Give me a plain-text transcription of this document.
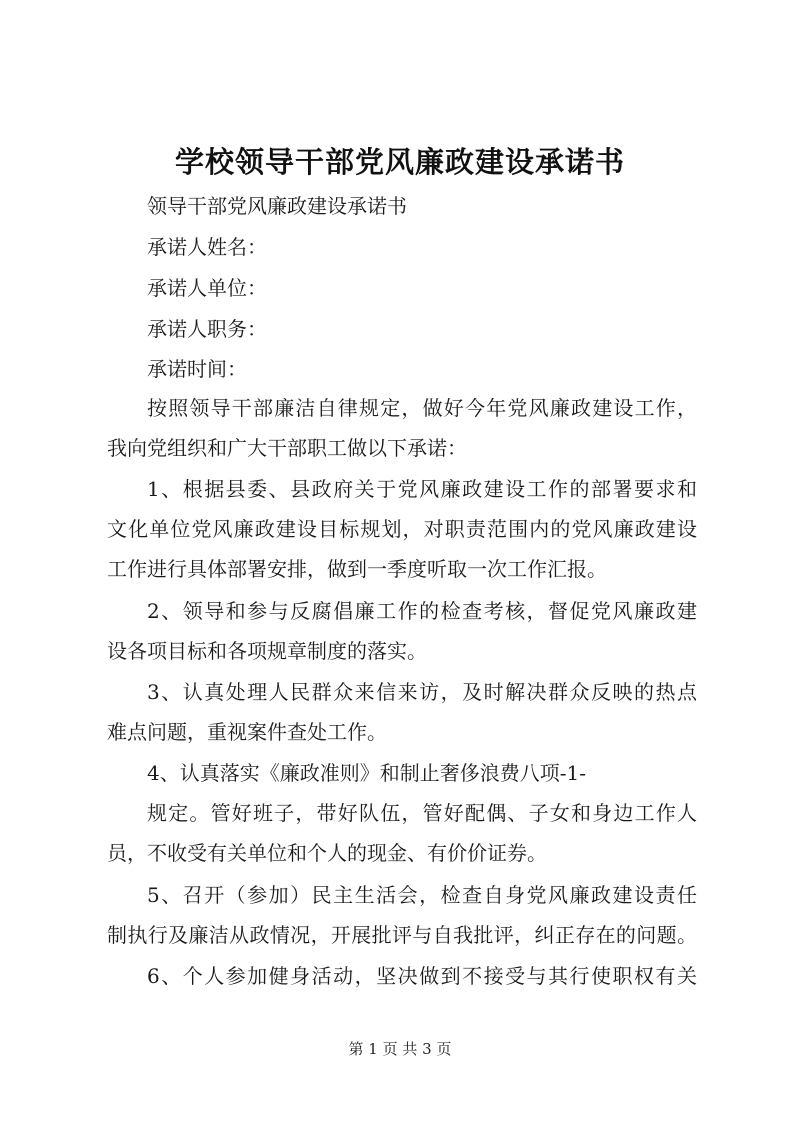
学校领导干部党风廉政建设承诺书
领导干部党风廉政建设承诺书
承诺人姓名：
承诺人单位：
承诺人职务：
承诺时间：
按照领导干部廉洁自律规定，做好今年党风廉政建设工作，
我向党组织和广大干部职工做以下承诺：
1、根据县委、县政府关于党风廉政建设工作的部署要求和
文化单位党风廉政建设目标规划，对职责范围内的党风廉政建设
工作进行具体部署安排，做到一季度听取一次工作汇报。
2、领导和参与反腐倡廉工作的检查考核，督促党风廉政建
设各项目标和各项规章制度的落实。
3、认真处理人民群众来信来访，及时解决群众反映的热点
难点问题，重视案件查处工作。
4、认真落实《廉政准则》和制止奢侈浪费八项-1-
规定。管好班子，带好队伍，管好配偶、子女和身边工作人
员，不收受有关单位和个人的现金、有价价证券。
5、召开（参加）民主生活会，检查自身党风廉政建设责任
制执行及廉洁从政情况，开展批评与自我批评，纠正存在的问题。
6、个人参加健身活动，坚决做到不接受与其行使职权有关
第 1 页 共 3 页
